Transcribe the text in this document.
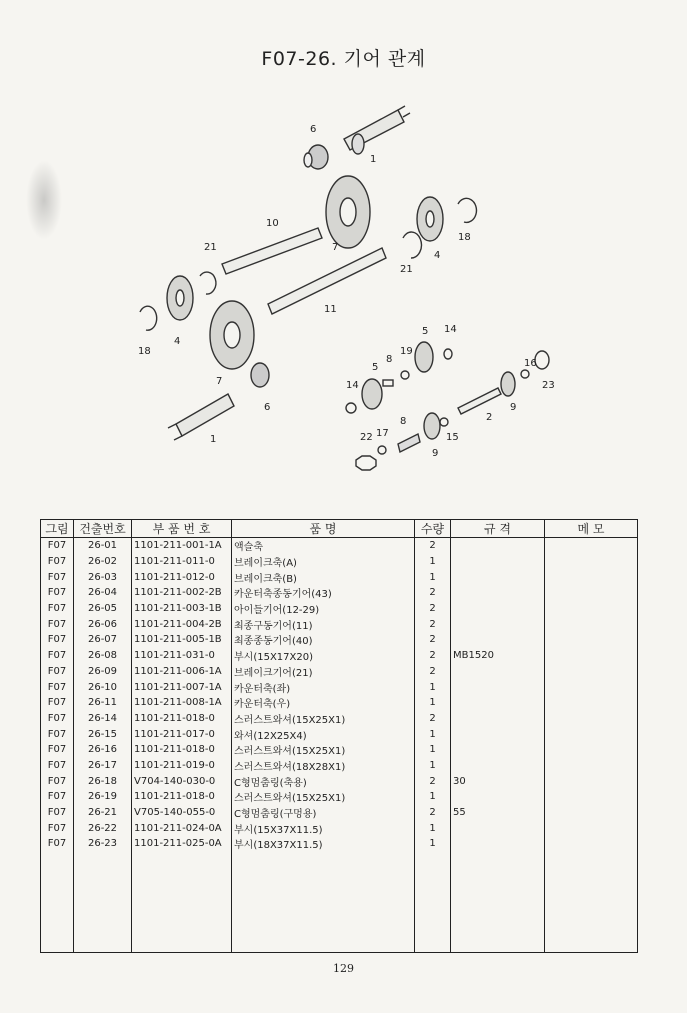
F07-26. 기어 관계
6
1
10
7
21
4
18
21
18
4
11
7
6
1
5 14
8
19
5
14
16
23
9
2
8
15
9
22 17
그림	건출번호	부 품 번 호	품 명	수량	규 격	메 모
F07	26-01	1101-211-001-1A	액슬축	2		
F07	26-02	1101-211-011-0	브레이크축(A)	1		
F07	26-03	1101-211-012-0	브레이크축(B)	1		
F07	26-04	1101-211-002-2B	카운터축종동기어(43)	2		
F07	26-05	1101-211-003-1B	아이들기어(12-29)	2		
F07	26-06	1101-211-004-2B	최종구동기어(11)	2		
F07	26-07	1101-211-005-1B	최종종동기어(40)	2		
F07	26-08	1101-211-031-0	부시(15X17X20)	2	MB1520	
F07	26-09	1101-211-006-1A	브레이크기어(21)	2		
F07	26-10	1101-211-007-1A	카운터축(좌)	1		
F07	26-11	1101-211-008-1A	카운터축(우)	1		
F07	26-14	1101-211-018-0	스러스트와셔(15X25X1)	2		
F07	26-15	1101-211-017-0	와셔(12X25X4)	1		
F07	26-16	1101-211-018-0	스러스트와셔(15X25X1)	1		
F07	26-17	1101-211-019-0	스러스트와셔(18X28X1)	1		
F07	26-18	V704-140-030-0	C형멈춤링(축용)	2	30	
F07	26-19	1101-211-018-0	스러스트와셔(15X25X1)	1		
F07	26-21	V705-140-055-0	C형멈춤링(구멍용)	2	55	
F07	26-22	1101-211-024-0A	부시(15X37X11.5)	1		
F07	26-23	1101-211-025-0A	부시(18X37X11.5)	1		

129
